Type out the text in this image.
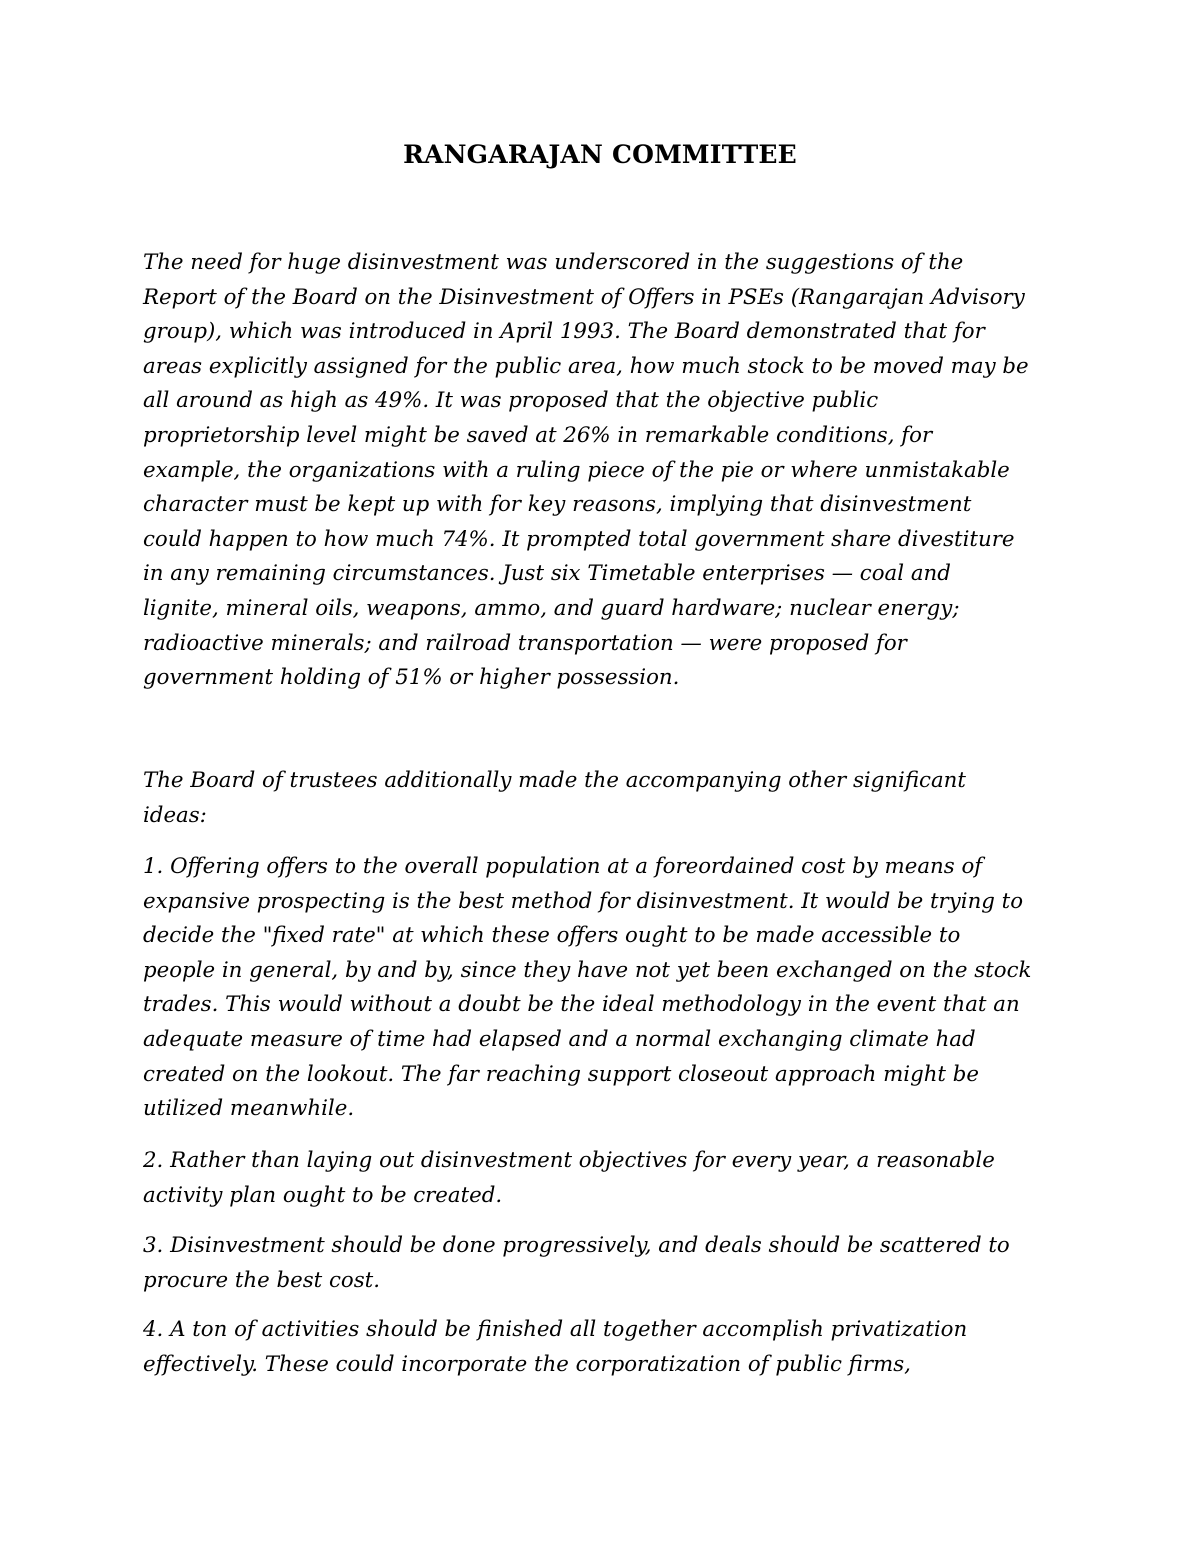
RANGARAJAN COMMITTEE

The need for huge disinvestment was underscored in the suggestions of the
Report of the Board on the Disinvestment of Offers in PSEs (Rangarajan Advisory
group), which was introduced in April 1993. The Board demonstrated that for
areas explicitly assigned for the public area, how much stock to be moved may be
all around as high as 49%. It was proposed that the objective public
proprietorship level might be saved at 26% in remarkable conditions, for
example, the organizations with a ruling piece of the pie or where unmistakable
character must be kept up with for key reasons, implying that disinvestment
could happen to how much 74%. It prompted total government share divestiture
in any remaining circumstances. Just six Timetable enterprises — coal and
lignite, mineral oils, weapons, ammo, and guard hardware; nuclear energy;
radioactive minerals; and railroad transportation — were proposed for
government holding of 51% or higher possession.

The Board of trustees additionally made the accompanying other significant
ideas:

1. Offering offers to the overall population at a foreordained cost by means of
expansive prospecting is the best method for disinvestment. It would be trying to
decide the "fixed rate" at which these offers ought to be made accessible to
people in general, by and by, since they have not yet been exchanged on the stock
trades. This would without a doubt be the ideal methodology in the event that an
adequate measure of time had elapsed and a normal exchanging climate had
created on the lookout. The far reaching support closeout approach might be
utilized meanwhile.

2. Rather than laying out disinvestment objectives for every year, a reasonable
activity plan ought to be created.

3. Disinvestment should be done progressively, and deals should be scattered to
procure the best cost.

4. A ton of activities should be finished all together accomplish privatization
effectively. These could incorporate the corporatization of public firms,
